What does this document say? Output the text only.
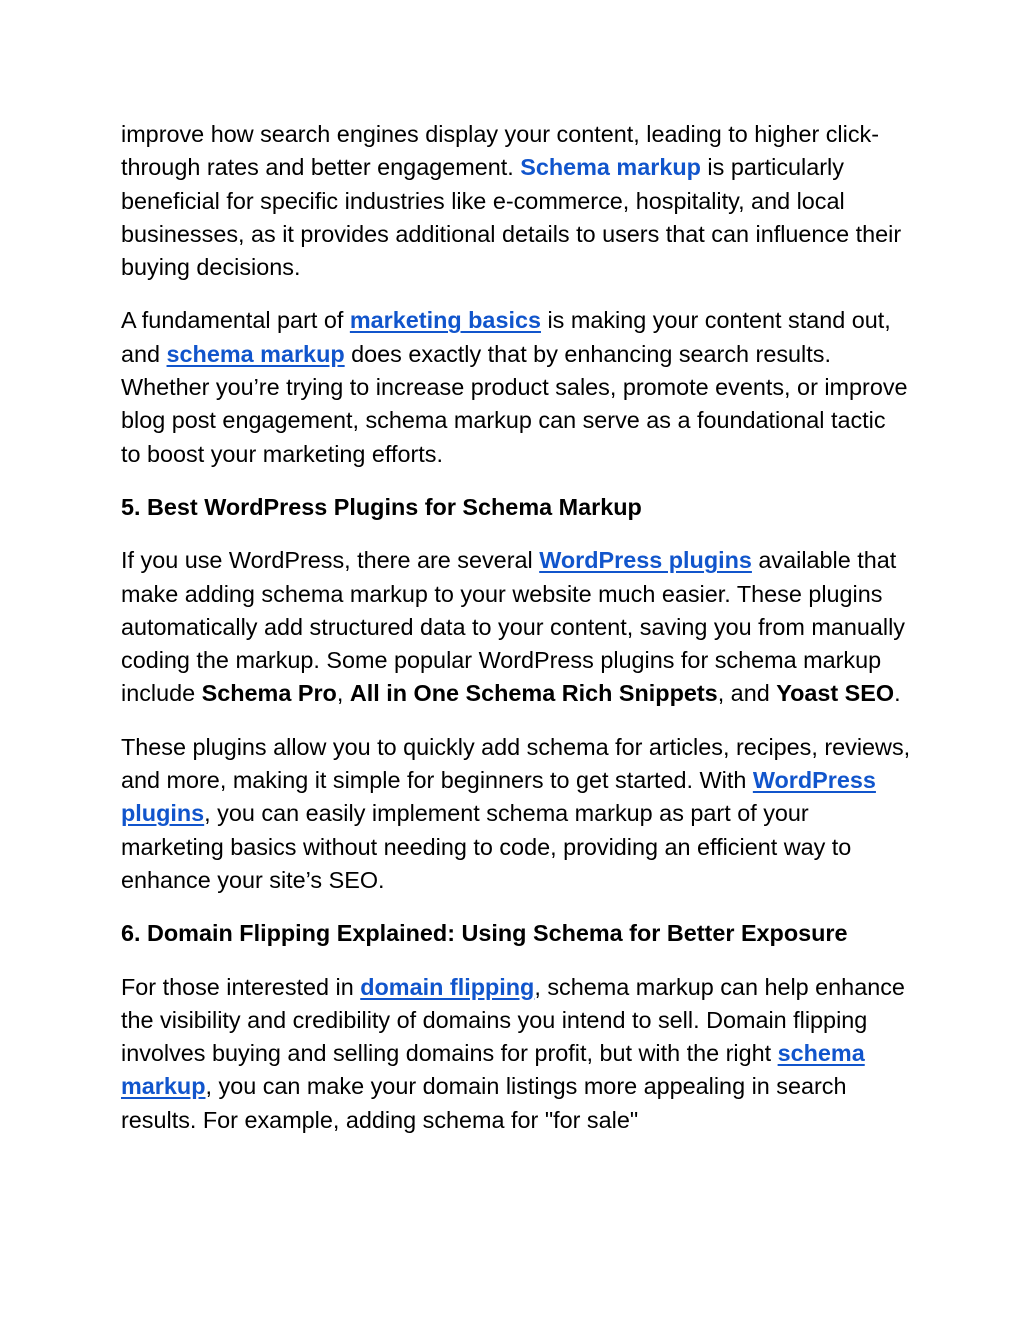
improve how search engines display your content, leading to higher click-through rates and better engagement. Schema markup is particularly beneficial for specific industries like e-commerce, hospitality, and local businesses, as it provides additional details to users that can influence their buying decisions.

A fundamental part of marketing basics is making your content stand out, and schema markup does exactly that by enhancing search results. Whether you’re trying to increase product sales, promote events, or improve blog post engagement, schema markup can serve as a foundational tactic to boost your marketing efforts.

5. Best WordPress Plugins for Schema Markup

If you use WordPress, there are several WordPress plugins available that make adding schema markup to your website much easier. These plugins automatically add structured data to your content, saving you from manually coding the markup. Some popular WordPress plugins for schema markup include Schema Pro, All in One Schema Rich Snippets, and Yoast SEO.

These plugins allow you to quickly add schema for articles, recipes, reviews, and more, making it simple for beginners to get started. With WordPress plugins, you can easily implement schema markup as part of your marketing basics without needing to code, providing an efficient way to enhance your site’s SEO.

6. Domain Flipping Explained: Using Schema for Better Exposure

For those interested in domain flipping, schema markup can help enhance the visibility and credibility of domains you intend to sell. Domain flipping involves buying and selling domains for profit, but with the right schema markup, you can make your domain listings more appealing in search results. For example, adding schema for "for sale"
